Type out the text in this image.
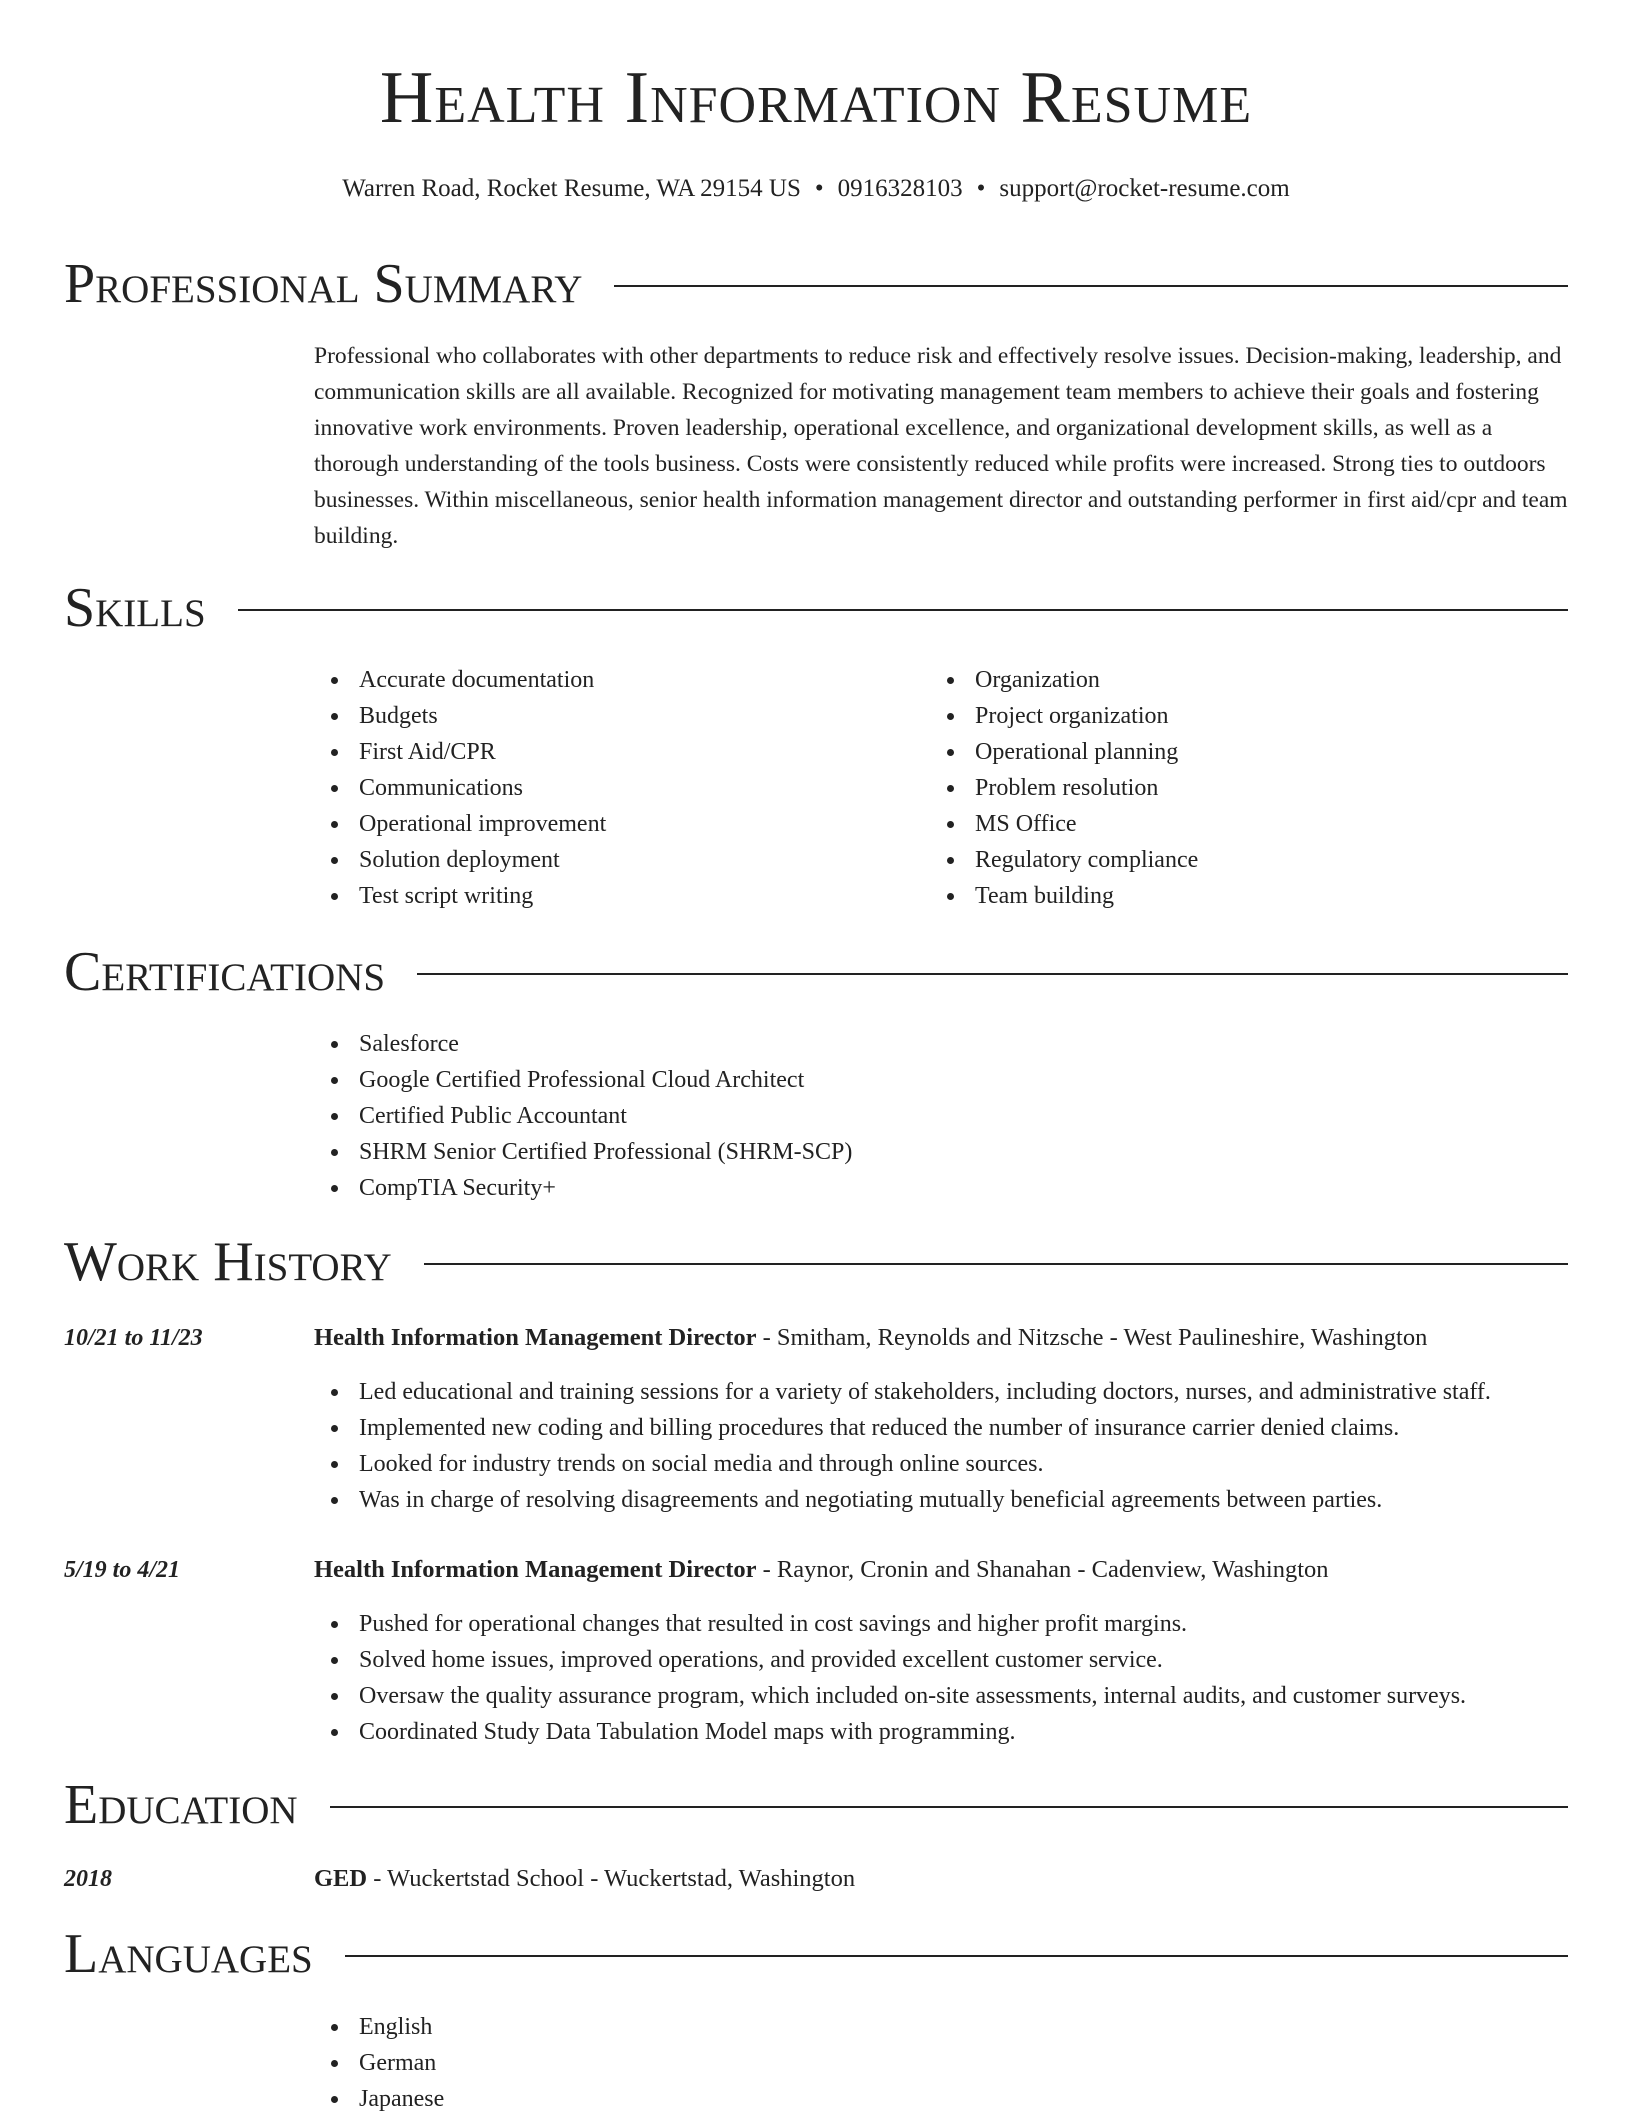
Health Information Resume
Warren Road, Rocket Resume, WA 29154 US • 0916328103 • support@rocket-resume.com
Professional Summary

Professional who collaborates with other departments to reduce risk and effectively resolve issues. Decision-making, leadership, and communication skills are all available. Recognized for motivating management team members to achieve their goals and fostering innovative work environments. Proven leadership, operational excellence, and organizational development skills, as well as a thorough understanding of the tools business. Costs were consistently reduced while profits were increased. Strong ties to outdoors businesses. Within miscellaneous, senior health information management director and outstanding performer in first aid/cpr and team building.

Skills
Accurate documentation
Budgets
First Aid/CPR
Communications
Operational improvement
Solution deployment
Test script writing
Organization
Project organization
Operational planning
Problem resolution
MS Office
Regulatory compliance
Team building
Certifications
Salesforce
Google Certified Professional Cloud Architect
Certified Public Accountant
SHRM Senior Certified Professional (SHRM-SCP)
CompTIA Security+
Work History
10/21 to 11/23	Health Information Management Director - Smitham, Reynolds and Nitzsche - West Paulineshire, Washington
Led educational and training sessions for a variety of stakeholders, including doctors, nurses, and administrative staff.
Implemented new coding and billing procedures that reduced the number of insurance carrier denied claims.
Looked for industry trends on social media and through online sources.
Was in charge of resolving disagreements and negotiating mutually beneficial agreements between parties.
5/19 to 4/21	Health Information Management Director - Raynor, Cronin and Shanahan - Cadenview, Washington
Pushed for operational changes that resulted in cost savings and higher profit margins.
Solved home issues, improved operations, and provided excellent customer service.
Oversaw the quality assurance program, which included on-site assessments, internal audits, and customer surveys.
Coordinated Study Data Tabulation Model maps with programming.
Education
2018	GED - Wuckertstad School - Wuckertstad, Washington
Languages
English
German
Japanese
